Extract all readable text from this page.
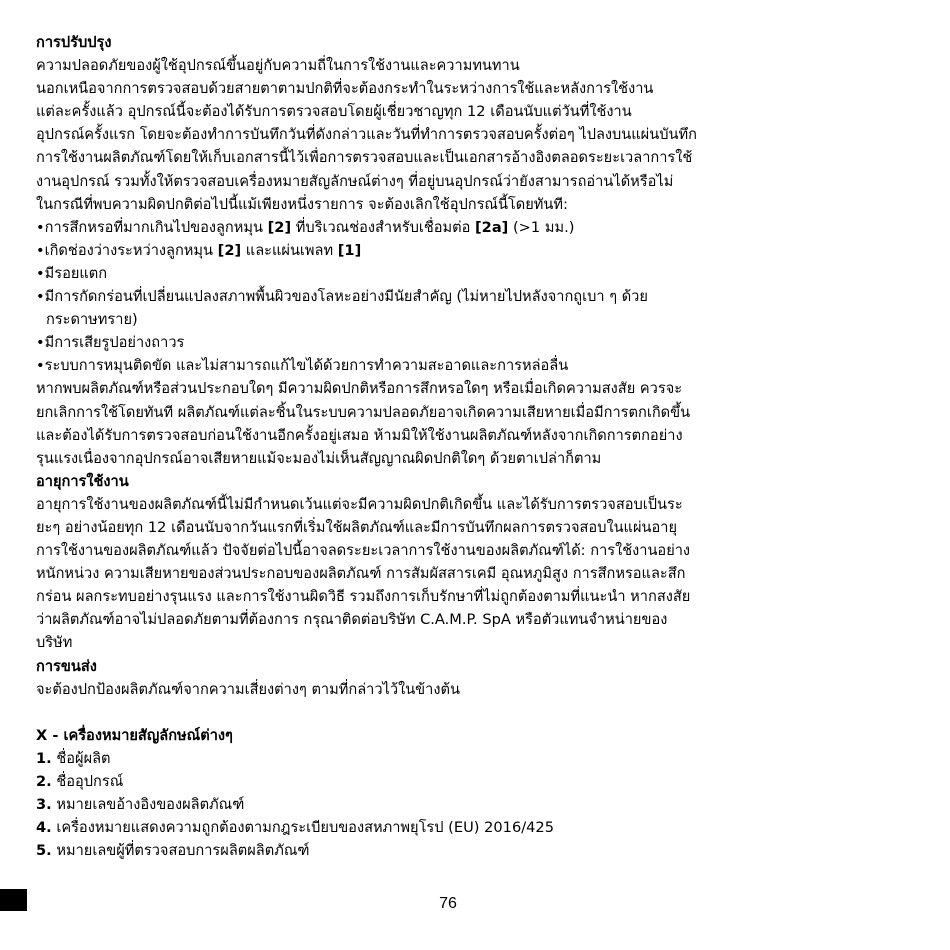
การปรับปรุง

ความปลอดภัยของผู้ใช้อุปกรณ์ขึ้นอยู่กับความถี่ในการใช้งานและความทนทาน

นอกเหนือจากการตรวจสอบด้วยสายตาตามปกติที่จะต้องกระทำในระหว่างการใช้และหลังการใช้งาน

แต่ละครั้งแล้ว อุปกรณ์นี้จะต้องได้รับการตรวจสอบโดยผู้เชี่ยวชาญทุก 12 เดือนนับแต่วันที่ใช้งาน

อุปกรณ์ครั้งแรก โดยจะต้องทำการบันทึกวันที่ดังกล่าวและวันที่ทำการตรวจสอบครั้งต่อๆ ไปลงบนแผ่นบันทึก

การใช้งานผลิตภัณฑ์โดยให้เก็บเอกสารนี้ไว้เพื่อการตรวจสอบและเป็นเอกสารอ้างอิงตลอดระยะเวลาการใช้

งานอุปกรณ์ รวมทั้งให้ตรวจสอบเครื่องหมายสัญลักษณ์ต่างๆ ที่อยู่บนอุปกรณ์ว่ายังสามารถอ่านได้หรือไม่

ในกรณีที่พบความผิดปกติต่อไปนี้แม้เพียงหนึ่งรายการ จะต้องเลิกใช้อุปกรณ์นี้โดยทันที:

•การสึกหรอที่มากเกินไปของลูกหมุน [2] ที่บริเวณช่องสำหรับเชื่อมต่อ [2a] (>1 มม.)

•เกิดช่องว่างระหว่างลูกหมุน [2] และแผ่นเพลท [1]

•มีรอยแตก

•มีการกัดกร่อนที่เปลี่ยนแปลงสภาพพื้นผิวของโลหะอย่างมีนัยสำคัญ (ไม่หายไปหลังจากถูเบา ๆ ด้วย

กระดาษทราย)

•มีการเสียรูปอย่างถาวร

•ระบบการหมุนติดขัด และไม่สามารถแก้ไขได้ด้วยการทำความสะอาดและการหล่อลื่น

หากพบผลิตภัณฑ์หรือส่วนประกอบใดๆ มีความผิดปกติหรือการสึกหรอใดๆ หรือเมื่อเกิดความสงสัย ควรจะ

ยกเลิกการใช้โดยทันที ผลิตภัณฑ์แต่ละชิ้นในระบบความปลอดภัยอาจเกิดความเสียหายเมื่อมีการตกเกิดขึ้น

และต้องได้รับการตรวจสอบก่อนใช้งานอีกครั้งอยู่เสมอ ห้ามมิให้ใช้งานผลิตภัณฑ์หลังจากเกิดการตกอย่าง

รุนแรงเนื่องจากอุปกรณ์อาจเสียหายแม้จะมองไม่เห็นสัญญาณผิดปกติใดๆ ด้วยตาเปล่าก็ตาม

อายุการใช้งาน

อายุการใช้งานของผลิตภัณฑ์นี้ไม่มีกำหนดเว้นแต่จะมีความผิดปกติเกิดขึ้น และได้รับการตรวจสอบเป็นระ

ยะๆ อย่างน้อยทุก 12 เดือนนับจากวันแรกที่เริ่มใช้ผลิตภัณฑ์และมีการบันทึกผลการตรวจสอบในแผ่นอายุ

การใช้งานของผลิตภัณฑ์แล้ว ปัจจัยต่อไปนี้อาจลดระยะเวลาการใช้งานของผลิตภัณฑ์ได้: การใช้งานอย่าง

หนักหน่วง ความเสียหายของส่วนประกอบของผลิตภัณฑ์ การสัมผัสสารเคมี อุณหภูมิสูง การสึกหรอและสึก

กร่อน ผลกระทบอย่างรุนแรง และการใช้งานผิดวิธี รวมถึงการเก็บรักษาที่ไม่ถูกต้องตามที่แนะนำ หากสงสัย

ว่าผลิตภัณฑ์อาจไม่ปลอดภัยตามที่ต้องการ กรุณาติดต่อบริษัท C.A.M.P. SpA หรือตัวแทนจำหน่ายของ

บริษัท

การขนส่ง

จะต้องปกป้องผลิตภัณฑ์จากความเสี่ยงต่างๆ ตามที่กล่าวไว้ในข้างต้น

X - เครื่องหมายสัญลักษณ์ต่างๆ

1. ชื่อผู้ผลิต

2. ชื่ออุปกรณ์

3. หมายเลขอ้างอิงของผลิตภัณฑ์

4. เครื่องหมายแสดงความถูกต้องตามกฎระเบียบของสหภาพยุโรป (EU) 2016/425

5. หมายเลขผู้ที่ตรวจสอบการผลิตผลิตภัณฑ์

76
